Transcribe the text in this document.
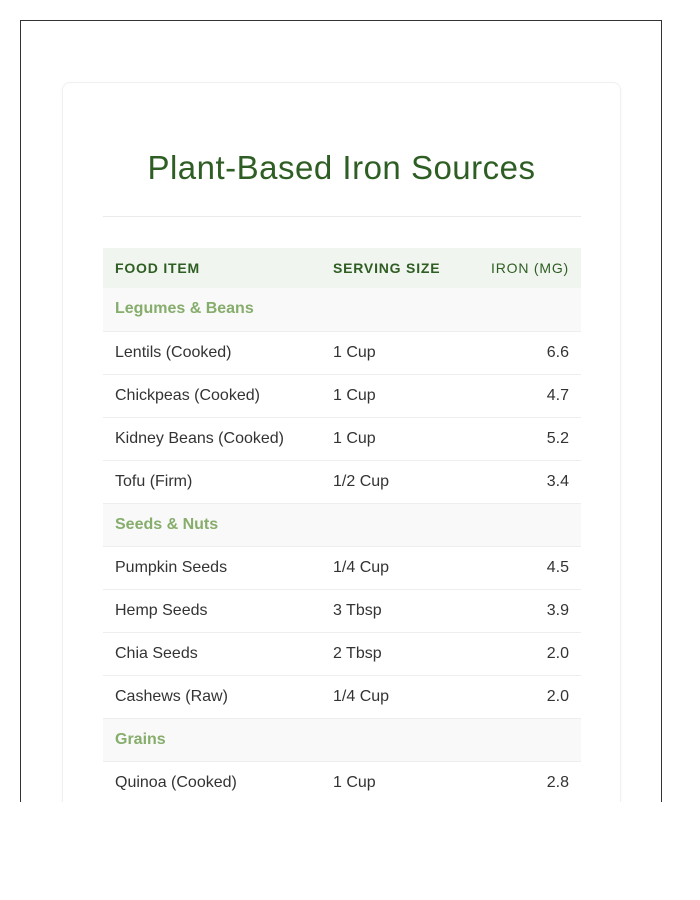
Plant-Based Iron Sources
FOOD ITEM	SERVING SIZE	IRON (MG)
Legumes & Beans		
Lentils (Cooked)	1 Cup	6.6
Chickpeas (Cooked)	1 Cup	4.7
Kidney Beans (Cooked)	1 Cup	5.2
Tofu (Firm)	1/2 Cup	3.4
Seeds & Nuts		
Pumpkin Seeds	1/4 Cup	4.5
Hemp Seeds	3 Tbsp	3.9
Chia Seeds	2 Tbsp	2.0
Cashews (Raw)	1/4 Cup	2.0
Grains		
Quinoa (Cooked)	1 Cup	2.8
